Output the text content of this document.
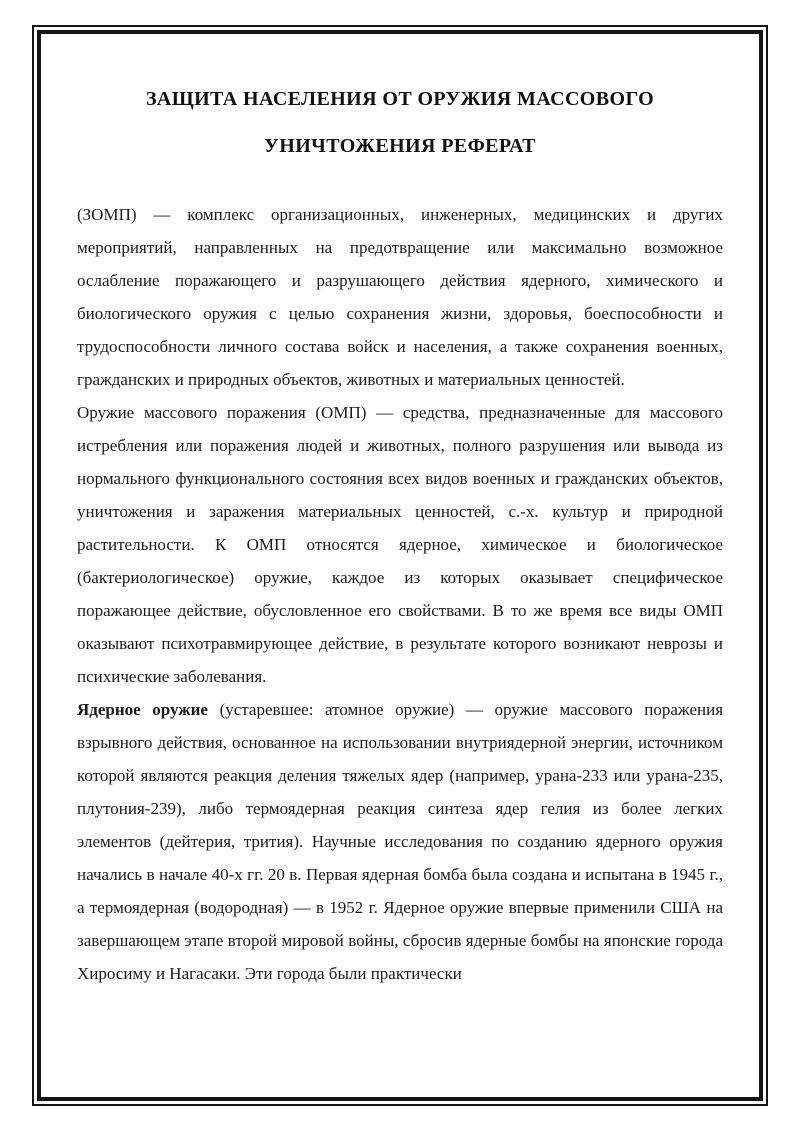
ЗАЩИТА НАСЕЛЕНИЯ ОТ ОРУЖИЯ МАССОВОГО УНИЧТОЖЕНИЯ РЕФЕРАТ

(ЗОМП) — комплекс организационных, инженерных, медицинских и других мероприятий, направленных на предотвращение или максимально возможное ослабление поражающего и разрушающего действия ядерного, химического и биологического оружия с целью сохранения жизни, здоровья, боеспособности и трудоспособности личного состава войск и населения, а также сохранения военных, гражданских и природных объектов, животных и материальных ценностей.

Оружие массового поражения (ОМП) — средства, предназначенные для массового истребления или поражения людей и животных, полного разрушения или вывода из нормального функционального состояния всех видов военных и гражданских объектов, уничтожения и заражения материальных ценностей, с.-х. культур и природной растительности. К ОМП относятся ядерное, химическое и биологическое (бактериологическое) оружие, каждое из которых оказывает специфическое поражающее действие, обусловленное его свойствами. В то же время все виды ОМП оказывают психотравмирующее действие, в результате которого возникают неврозы и психические заболевания.

Ядерное оружие (устаревшее: атомное оружие) — оружие массового поражения взрывного действия, основанное на использовании внутриядерной энергии, источником которой являются реакция деления тяжелых ядер (например, урана-233 или урана-235, плутония-239), либо термоядерная реакция синтеза ядер гелия из более легких элементов (дейтерия, трития). Научные исследования по созданию ядерного оружия начались в начале 40-х гг. 20 в. Первая ядерная бомба была создана и испытана в 1945 г., а термоядерная (водородная) — в 1952 г. Ядерное оружие впервые применили США на завершающем этапе второй мировой войны, сбросив ядерные бомбы на японские города Хиросиму и Нагасаки. Эти города были практически
